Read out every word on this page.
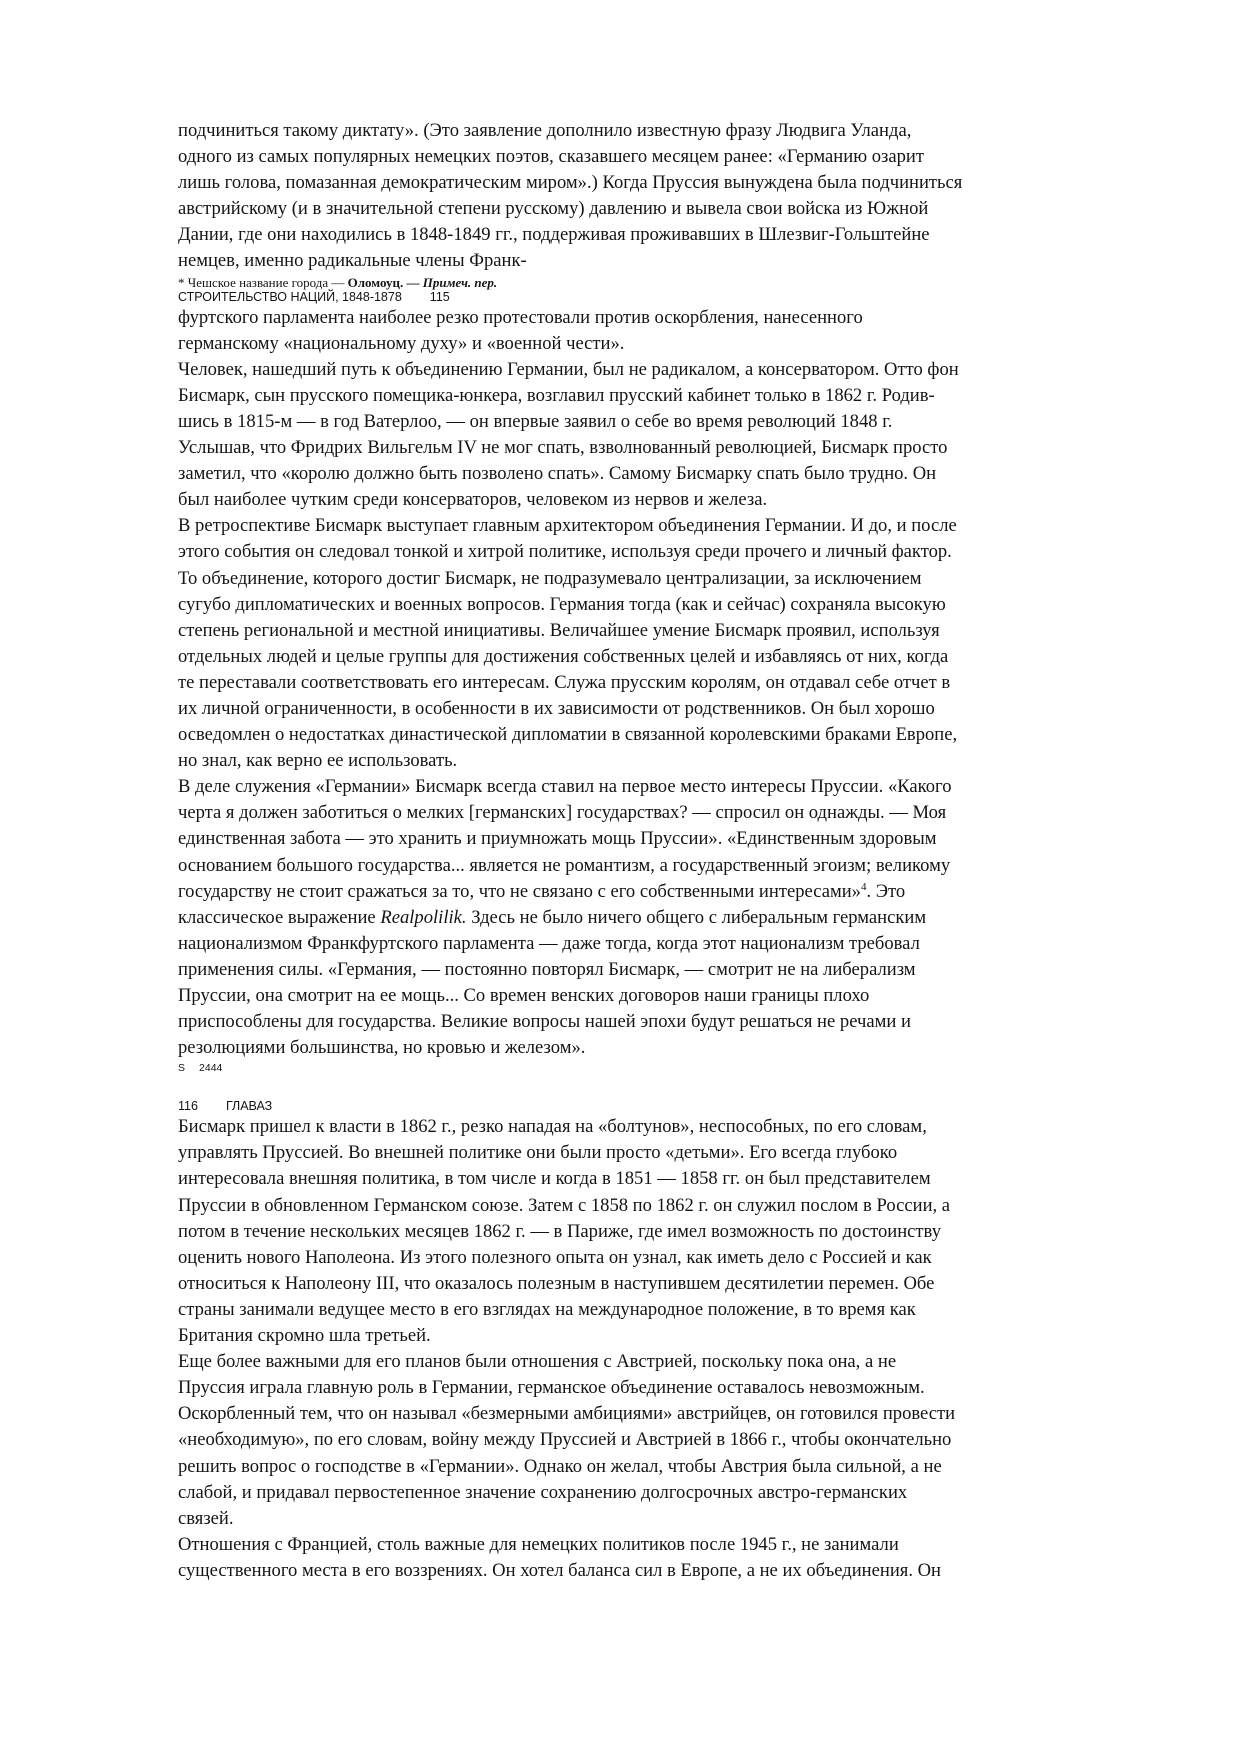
подчиниться такому диктату». (Это заявление дополнило известную фразу Людвига Уланда,
одного из самых популярных немецких поэтов, сказавшего месяцем ранее: «Германию озарит
лишь голова, помазанная демократическим миром».) Когда Пруссия вынуждена была подчиниться
австрийскому (и в значительной степени русскому) давлению и вывела свои войска из Южной
Дании, где они находились в 1848-1849 гг., поддерживая проживавших в Шлезвиг-Гольштейне
немцев, именно радикальные члены Франк-

* Чешское название города — Оломоуц. — Примеч. пер.
СТРОИТЕЛЬСТВО НАЦИЙ, 1848-1878 115

фуртского парламента наиболее резко протестовали против оскорбления, нанесенного
германскому «национальному духу» и «военной чести».

Человек, нашедший путь к объединению Германии, был не радикалом, а консерватором. Отто фон
Бисмарк, сын прусского помещика-юнкера, возглавил прусский кабинет только в 1862 г. Родив-
шись в 1815-м — в год Ватерлоо, — он впервые заявил о себе во время революций 1848 г.
Услышав, что Фридрих Вильгельм IV не мог спать, взволнованный революцией, Бисмарк просто
заметил, что «королю должно быть позволено спать». Самому Бисмарку спать было трудно. Он
был наиболее чутким среди консерваторов, человеком из нервов и железа.

В ретроспективе Бисмарк выступает главным архитектором объединения Германии. И до, и после
этого события он следовал тонкой и хитрой политике, используя среди прочего и личный фактор.
То объединение, которого достиг Бисмарк, не подразумевало централизации, за исключением
сугубо дипломатических и военных вопросов. Германия тогда (как и сейчас) сохраняла высокую
степень региональной и местной инициативы. Величайшее умение Бисмарк проявил, используя
отдельных людей и целые группы для достижения собственных целей и избавляясь от них, когда
те переставали соответствовать его интересам. Служа прусским королям, он отдавал себе отчет в
их личной ограниченности, в особенности в их зависимости от родственников. Он был хорошо
осведомлен о недостатках династической дипломатии в связанной королевскими браками Европе,
но знал, как верно ее использовать.

В деле служения «Германии» Бисмарк всегда ставил на первое место интересы Пруссии. «Какого
черта я должен заботиться о мелких [германских] государствах? — спросил он однажды. — Моя
единственная забота — это хранить и приумножать мощь Пруссии». «Единственным здоровым
основанием большого государства... является не романтизм, а государственный эгоизм; великому
государству не стоит сражаться за то, что не связано с его собственными интересами»$^4$. Это
классическое выражение Realpolilik. Здесь не было ничего общего с либеральным германским
национализмом Франкфуртского парламента — даже тогда, когда этот национализм требовал
применения силы. «Германия, — постоянно повторял Бисмарк, — смотрит не на либерализм
Пруссии, она смотрит на ее мощь... Со времен венских договоров наши границы плохо
приспособлены для государства. Великие вопросы нашей эпохи будут решаться не речами и
резолюциями большинства, но кровью и железом».

S 2444
116 ГЛАВАЗ

Бисмарк пришел к власти в 1862 г., резко нападая на «болтунов», неспособных, по его словам,
управлять Пруссией. Во внешней политике они были просто «детьми». Его всегда глубоко
интересовала внешняя политика, в том числе и когда в 1851 — 1858 гг. он был представителем
Пруссии в обновленном Германском союзе. Затем с 1858 по 1862 г. он служил послом в России, а
потом в течение нескольких месяцев 1862 г. — в Париже, где имел возможность по достоинству
оценить нового Наполеона. Из этого полезного опыта он узнал, как иметь дело с Россией и как
относиться к Наполеону III, что оказалось полезным в наступившем десятилетии перемен. Обе
страны занимали ведущее место в его взглядах на международное положение, в то время как
Британия скромно шла третьей.

Еще более важными для его планов были отношения с Австрией, поскольку пока она, а не
Пруссия играла главную роль в Германии, германское объединение оставалось невозможным.
Оскорбленный тем, что он называл «безмерными амбициями» австрийцев, он готовился провести
«необходимую», по его словам, войну между Пруссией и Австрией в 1866 г., чтобы окончательно
решить вопрос о господстве в «Германии». Однако он желал, чтобы Австрия была сильной, а не
слабой, и придавал первостепенное значение сохранению долгосрочных австро-германских
связей.

Отношения с Францией, столь важные для немецких политиков после 1945 г., не занимали
существенного места в его воззрениях. Он хотел баланса сил в Европе, а не их объединения. Он
